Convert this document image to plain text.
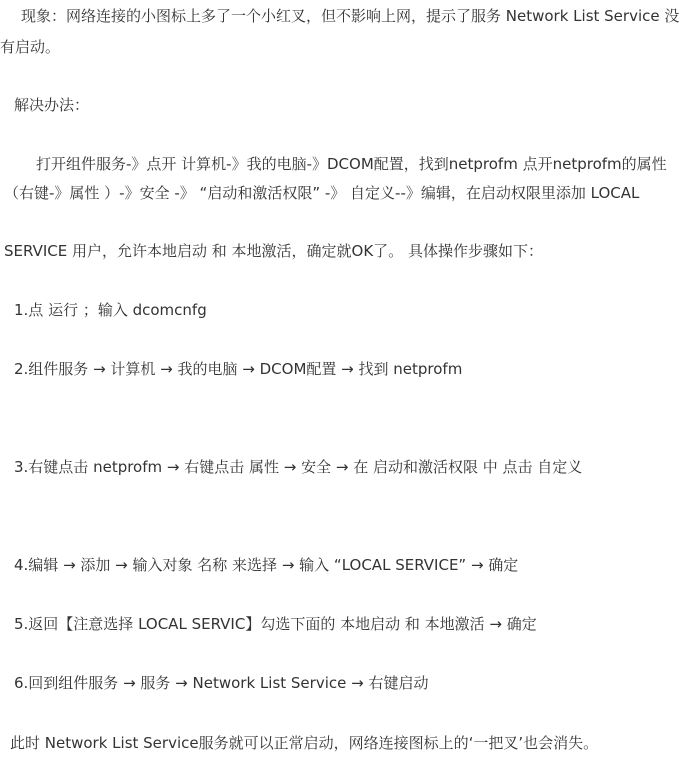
　现象：网络连接的小图标上多了一个小红叉，但不影响上网，提示了服务 Network List Service 没
有启动。
解决办法：
打开组件服务-》点开 计算机-》我的电脑-》DCOM配置，找到netprofm 点开netprofm的属性
（右键-》属性 ）-》安全 -》 “启动和激活权限” -》 自定义--》编辑，在启动权限里添加 LOCAL
SERVICE 用户，允许本地启动 和 本地激活，确定就OK了。 具体操作步骤如下：
1.点 运行 ；输入 dcomcnfg
2.组件服务 → 计算机 → 我的电脑 → DCOM配置 → 找到 netprofm
3.右键点击 netprofm → 右键点击 属性 → 安全 → 在 启动和激活权限 中 点击 自定义
4.编辑 → 添加 → 输入对象 名称 来选择 → 输入 “LOCAL SERVICE” → 确定
5.返回【注意选择 LOCAL SERVIC】勾选下面的 本地启动 和 本地激活 → 确定
6.回到组件服务 → 服务 → Network List Service → 右键启动
此时 Network List Service服务就可以正常启动，网络连接图标上的‘一把叉’也会消失。
